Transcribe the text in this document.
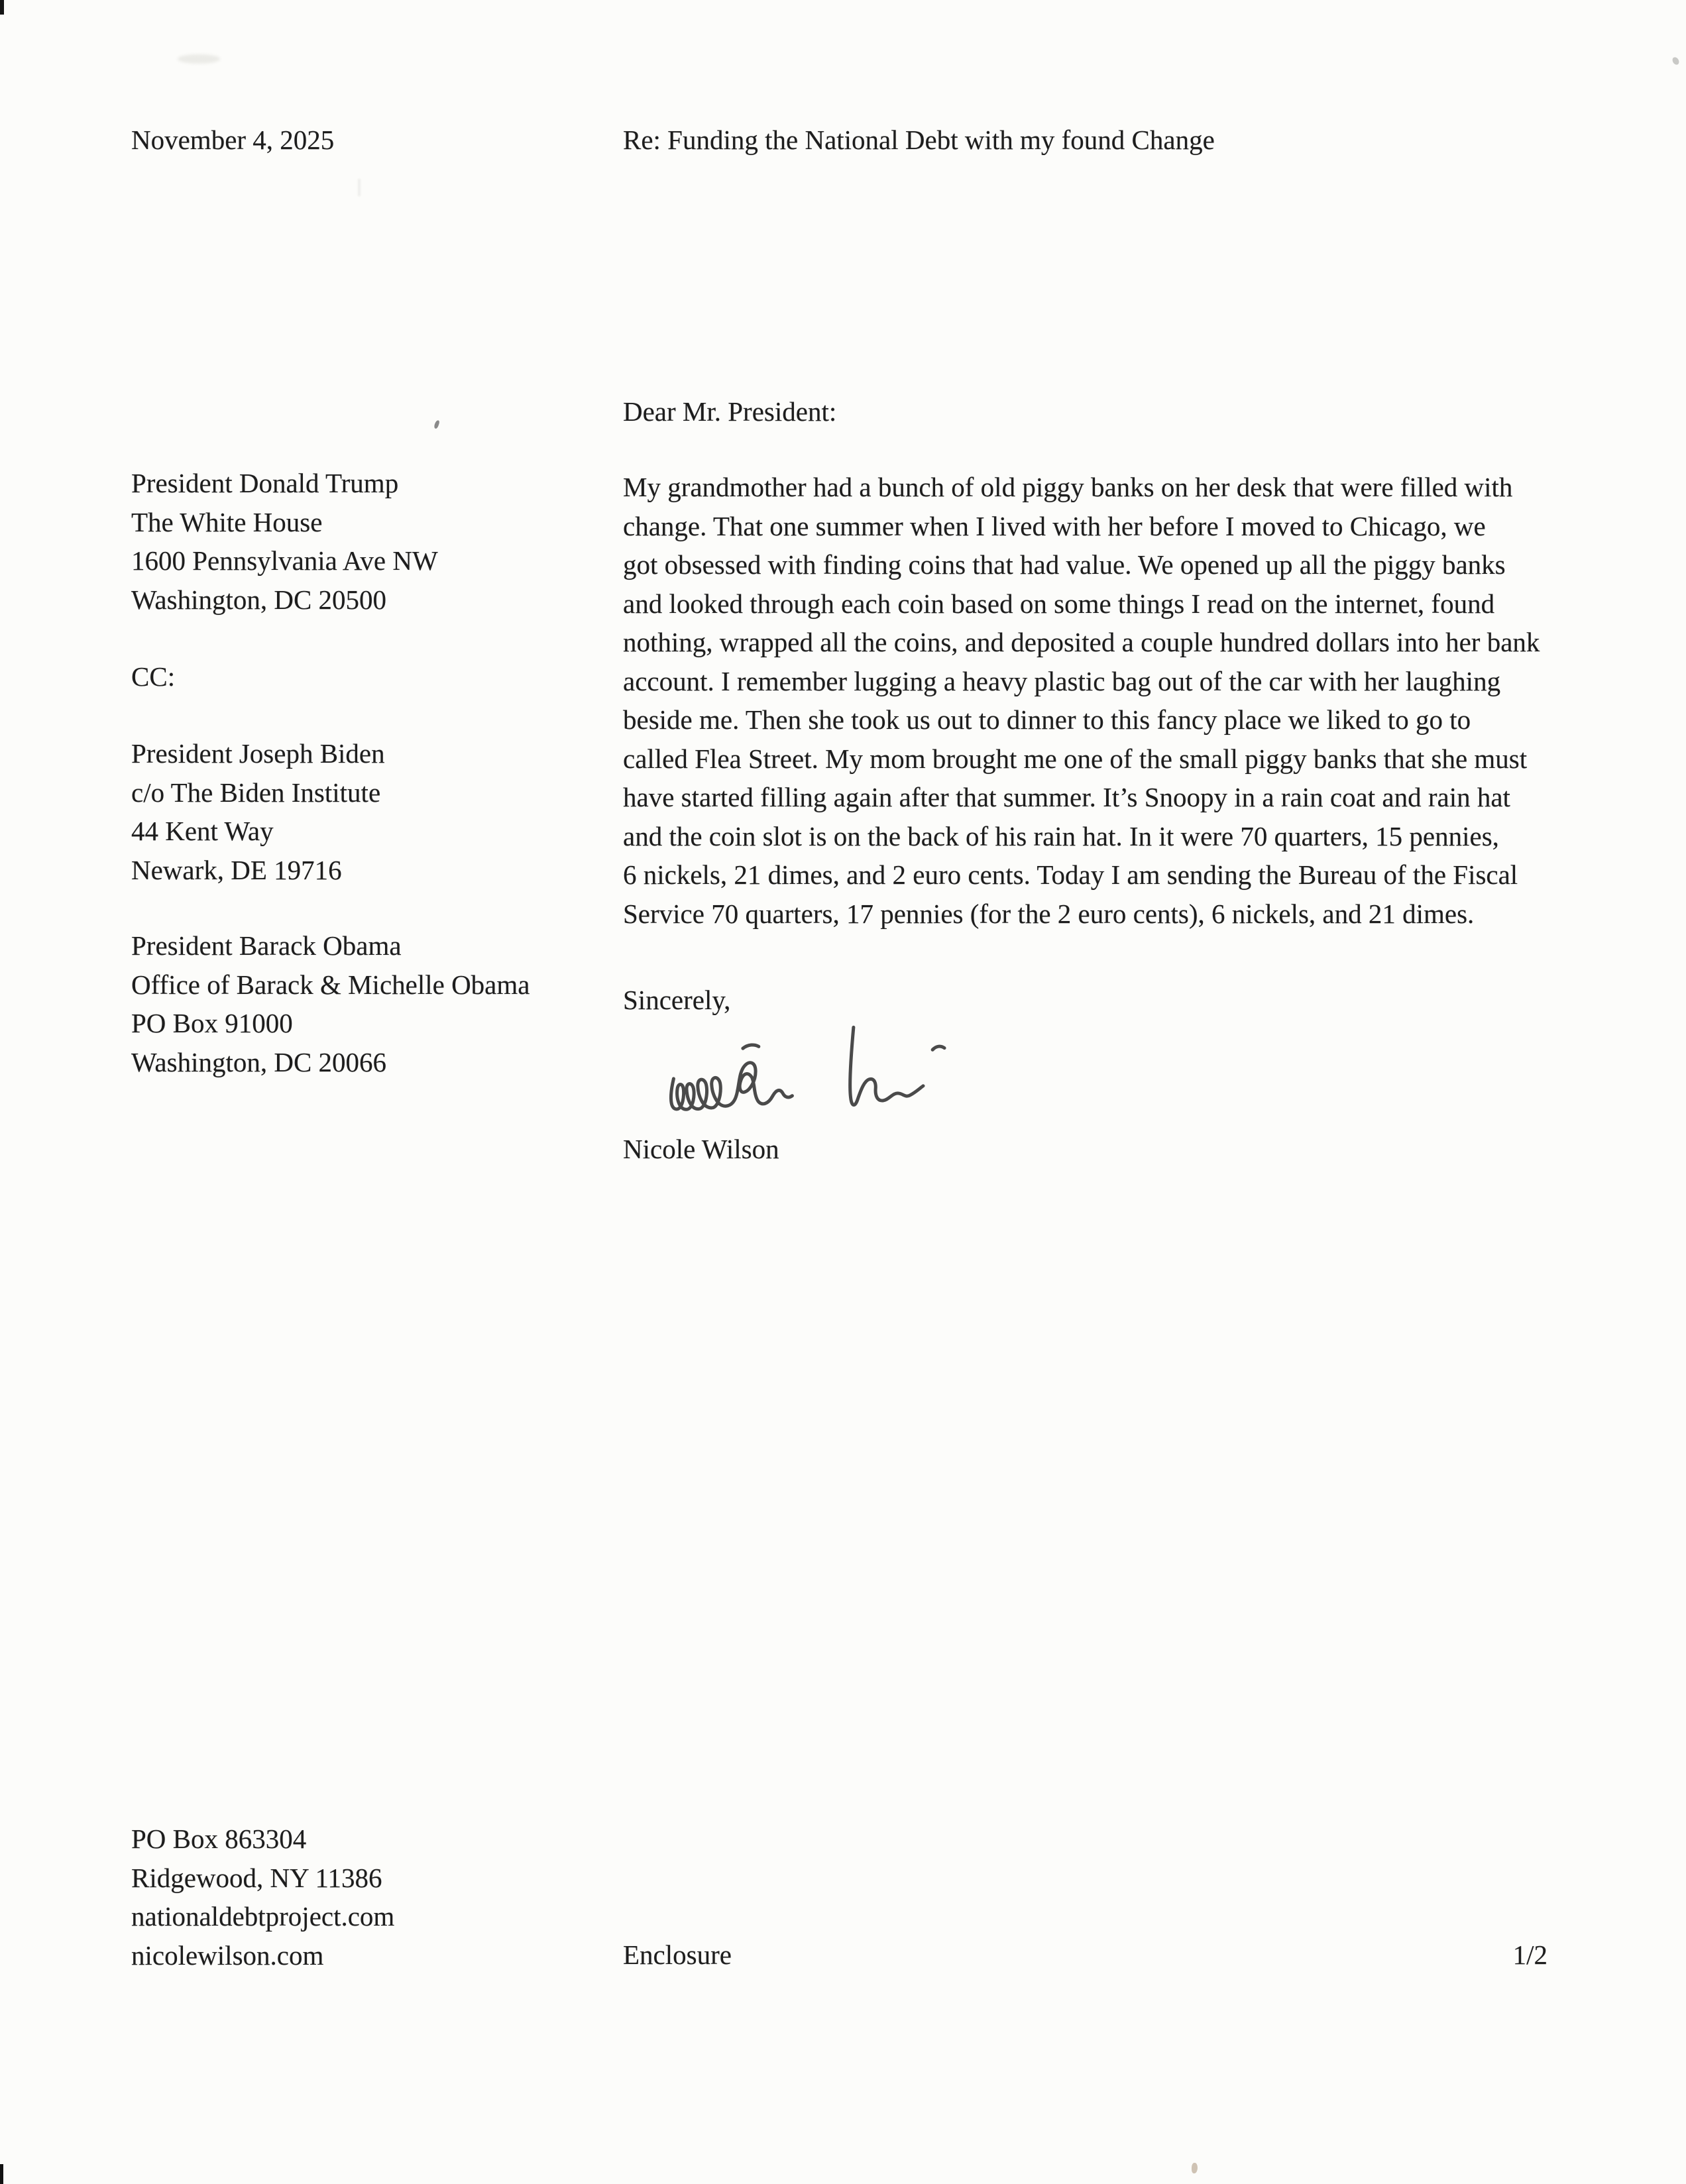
November 4, 2025	Re: Funding the National Debt with my found Change
President Donald Trump
The White House
1600 Pennsylvania Ave NW
Washington, DC 20500
CC:
President Joseph Biden
c/o The Biden Institute
44 Kent Way
Newark, DE 19716
President Barack Obama
Office of Barack & Michelle Obama
PO Box 91000
Washington, DC 20066
Dear Mr. President:
My grandmother had a bunch of old piggy banks on her desk that were filled with
change. That one summer when I lived with her before I moved to Chicago, we
got obsessed with finding coins that had value. We opened up all the piggy banks
and looked through each coin based on some things I read on the internet, found
nothing, wrapped all the coins, and deposited a couple hundred dollars into her bank
account. I remember lugging a heavy plastic bag out of the car with her laughing
beside me. Then she took us out to dinner to this fancy place we liked to go to
called Flea Street. My mom brought me one of the small piggy banks that she must
have started filling again after that summer. It’s Snoopy in a rain coat and rain hat
and the coin slot is on the back of his rain hat. In it were 70 quarters, 15 pennies,
6 nickels, 21 dimes, and 2 euro cents. Today I am sending the Bureau of the Fiscal
Service 70 quarters, 17 pennies (for the 2 euro cents), 6 nickels, and 21 dimes.
Sincerely,
Nicole Wilson
PO Box 863304
Ridgewood, NY 11386
nationaldebtproject.com
nicolewilson.com	Enclosure	1/2
